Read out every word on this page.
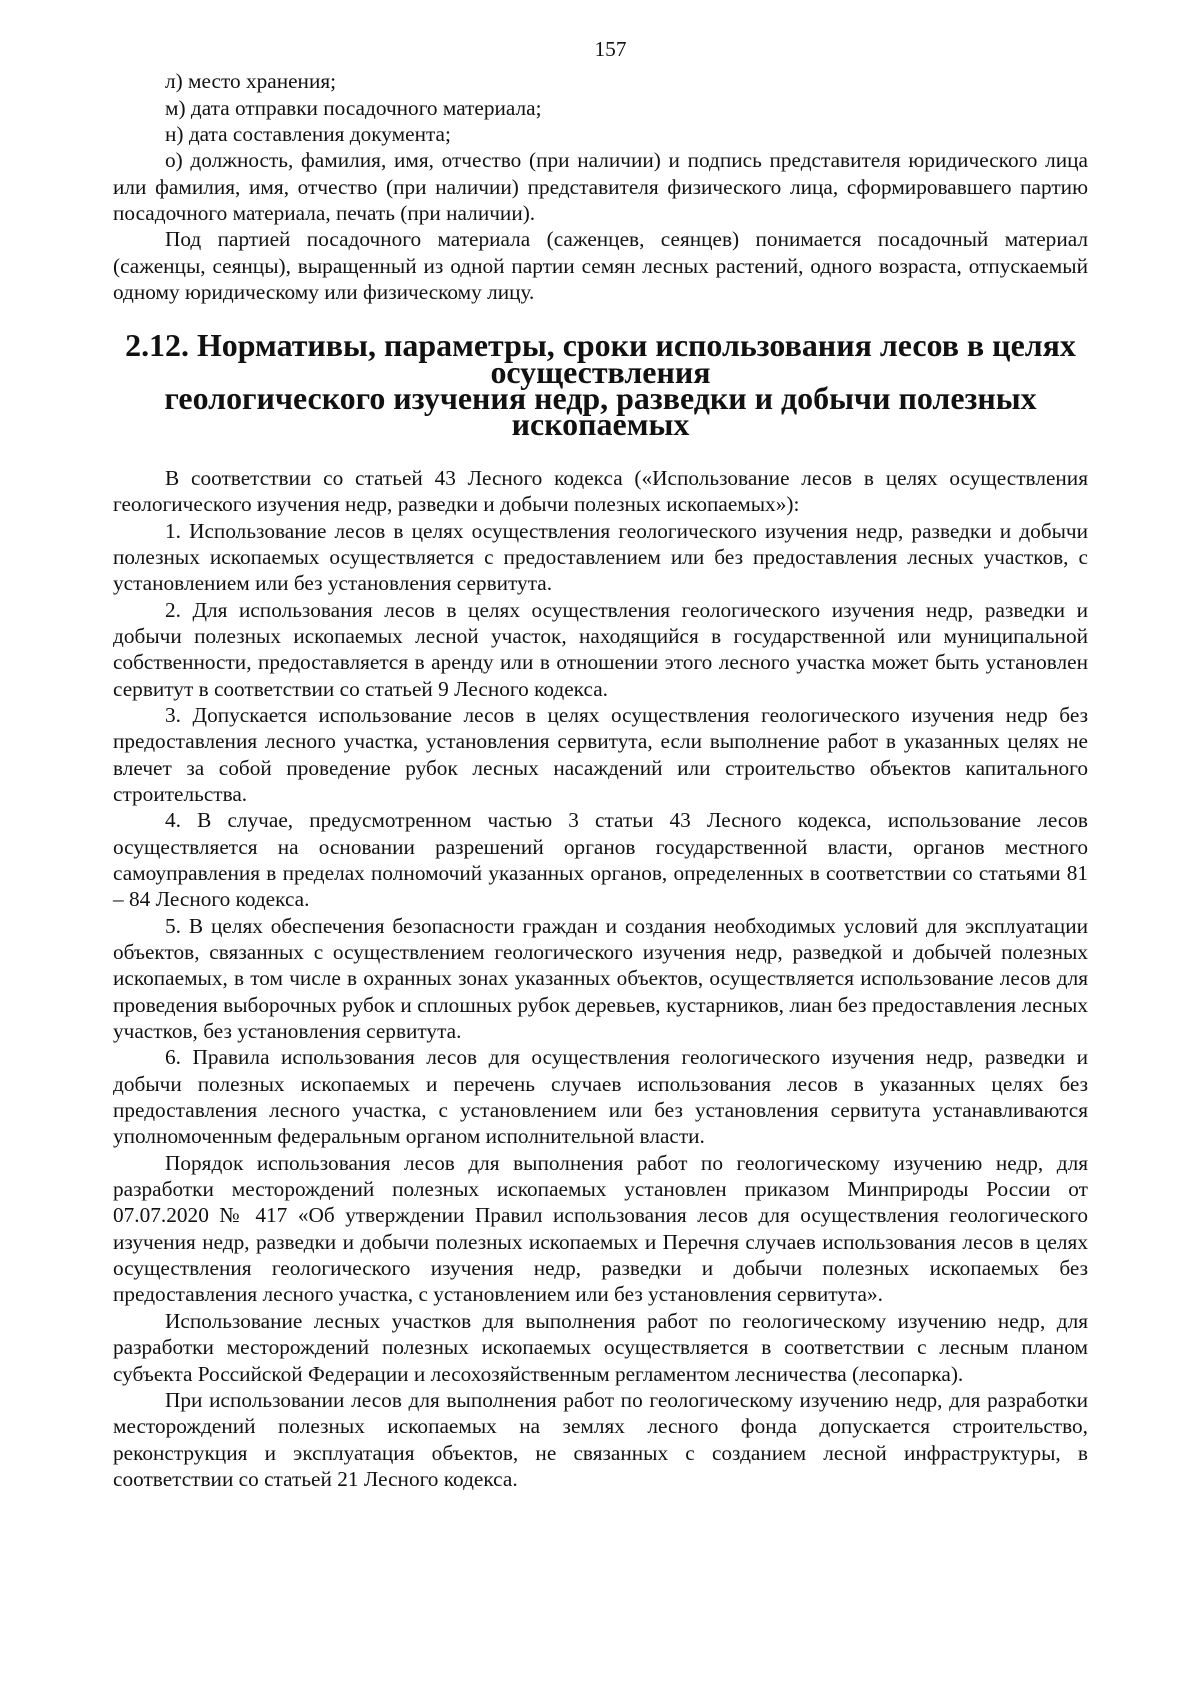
157

л) место хранения;

м) дата отправки посадочного материала;

н) дата составления документа;

о) должность, фамилия, имя, отчество (при наличии) и подпись представителя юридического лица или фамилия, имя, отчество (при наличии) представителя физического лица, сформировавшего партию посадочного материала, печать (при наличии).

Под партией посадочного материала (саженцев, сеянцев) понимается посадочный материал (саженцы, сеянцы), выращенный из одной партии семян лесных растений, одного возраста, отпускаемый одному юридическому или физическому лицу.

2.12. Нормативы, параметры, сроки использования лесов в целях осуществления
геологического изучения недр, разведки и добычи полезных ископаемых

В соответствии со статьей 43 Лесного кодекса («Использование лесов в целях осуществления геологического изучения недр, разведки и добычи полезных ископаемых»):

1. Использование лесов в целях осуществления геологического изучения недр, разведки и добычи полезных ископаемых осуществляется с предоставлением или без предоставления лесных участков, с установлением или без установления сервитута.

2. Для использования лесов в целях осуществления геологического изучения недр, разведки и добычи полезных ископаемых лесной участок, находящийся в государственной или муниципальной собственности, предоставляется в аренду или в отношении этого лесного участка может быть установлен сервитут в соответствии со статьей 9 Лесного кодекса.

3. Допускается использование лесов в целях осуществления геологического изучения недр без предоставления лесного участка, установления сервитута, если выполнение работ в указанных целях не влечет за собой проведение рубок лесных насаждений или строительство объектов капитального строительства.

4. В случае, предусмотренном частью 3 статьи 43 Лесного кодекса, использование лесов осуществляется на основании разрешений органов государственной власти, органов местного самоуправления в пределах полномочий указанных органов, определенных в соответствии со статьями 81 – 84 Лесного кодекса.

5. В целях обеспечения безопасности граждан и создания необходимых условий для эксплуатации объектов, связанных с осуществлением геологического изучения недр, разведкой и добычей полезных ископаемых, в том числе в охранных зонах указанных объектов, осуществляется использование лесов для проведения выборочных рубок и сплошных рубок деревьев, кустарников, лиан без предоставления лесных участков, без установления сервитута.

6. Правила использования лесов для осуществления геологического изучения недр, разведки и добычи полезных ископаемых и перечень случаев использования лесов в указанных целях без предоставления лесного участка, с установлением или без установления сервитута устанавливаются уполномоченным федеральным органом исполнительной власти.

Порядок использования лесов для выполнения работ по геологическому изучению недр, для разработки месторождений полезных ископаемых установлен приказом Минприроды России от 07.07.2020 № 417 «Об утверждении Правил использования лесов для осуществления геологического изучения недр, разведки и добычи полезных ископаемых и Перечня случаев использования лесов в целях осуществления геологического изучения недр, разведки и добычи полезных ископаемых без предоставления лесного участка, с установлением или без установления сервитута».

Использование лесных участков для выполнения работ по геологическому изучению недр, для разработки месторождений полезных ископаемых осуществляется в соответствии с лесным планом субъекта Российской Федерации и лесохозяйственным регламентом лесничества (лесопарка).

При использовании лесов для выполнения работ по геологическому изучению недр, для разработки месторождений полезных ископаемых на землях лесного фонда допускается строительство, реконструкция и эксплуатация объектов, не связанных с созданием лесной инфраструктуры, в соответствии со статьей 21 Лесного кодекса.
